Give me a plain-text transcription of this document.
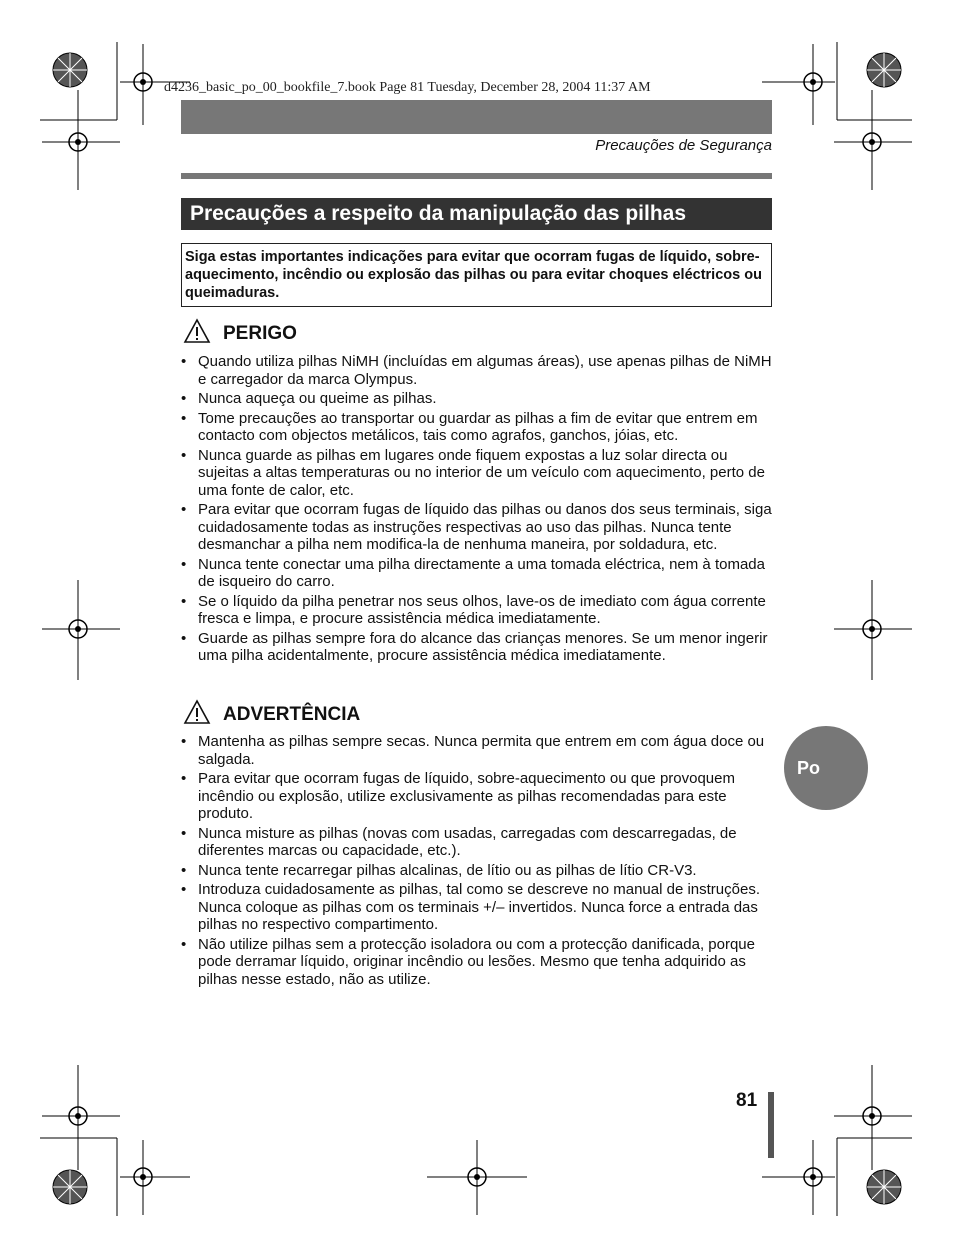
d4236_basic_po_00_bookfile_7.book Page 81 Tuesday, December 28, 2004 11:37 AM
Precauções de Segurança
Precauções a respeito da manipulação das pilhas
Siga estas importantes indicações para evitar que ocorram fugas de líquido, sobre-aquecimento, incêndio ou explosão das pilhas ou para evitar choques eléctricos ou queimaduras.
PERIGO
• Quando utiliza pilhas NiMH (incluídas em algumas áreas), use apenas pilhas de NiMH e carregador da marca Olympus.
• Nunca aqueça ou queime as pilhas.
• Tome precauções ao transportar ou guardar as pilhas a fim de evitar que entrem em contacto com objectos metálicos, tais como agrafos, ganchos, jóias, etc.
• Nunca guarde as pilhas em lugares onde fiquem expostas a luz solar directa ou sujeitas a altas temperaturas ou no interior de um veículo com aquecimento, perto de uma fonte de calor, etc.
• Para evitar que ocorram fugas de líquido das pilhas ou danos dos seus terminais, siga cuidadosamente todas as instruções respectivas ao uso das pilhas. Nunca tente desmanchar a pilha nem modifica-la de nenhuma maneira, por soldadura, etc.
• Nunca tente conectar uma pilha directamente a uma tomada eléctrica, nem à tomada de isqueiro do carro.
• Se o líquido da pilha penetrar nos seus olhos, lave-os de imediato com água corrente fresca e limpa, e procure assistência médica imediatamente.
• Guarde as pilhas sempre fora do alcance das crianças menores. Se um menor ingerir uma pilha acidentalmente, procure assistência médica imediatamente.
ADVERTÊNCIA
• Mantenha as pilhas sempre secas. Nunca permita que entrem em com água doce ou salgada.
• Para evitar que ocorram fugas de líquido, sobre-aquecimento ou que provoquem incêndio ou explosão, utilize exclusivamente as pilhas recomendadas para este produto.
• Nunca misture as pilhas (novas com usadas, carregadas com descarregadas, de diferentes marcas ou capacidade, etc.).
• Nunca tente recarregar pilhas alcalinas, de lítio ou as pilhas de lítio CR-V3.
• Introduza cuidadosamente as pilhas, tal como se descreve no manual de instruções. Nunca coloque as pilhas com os terminais +/– invertidos. Nunca force a entrada das pilhas no respectivo compartimento.
• Não utilize pilhas sem a protecção isoladora ou com a protecção danificada, porque pode derramar líquido, originar incêndio ou lesões. Mesmo que tenha adquirido as pilhas nesse estado, não as utilize.
Po
81
